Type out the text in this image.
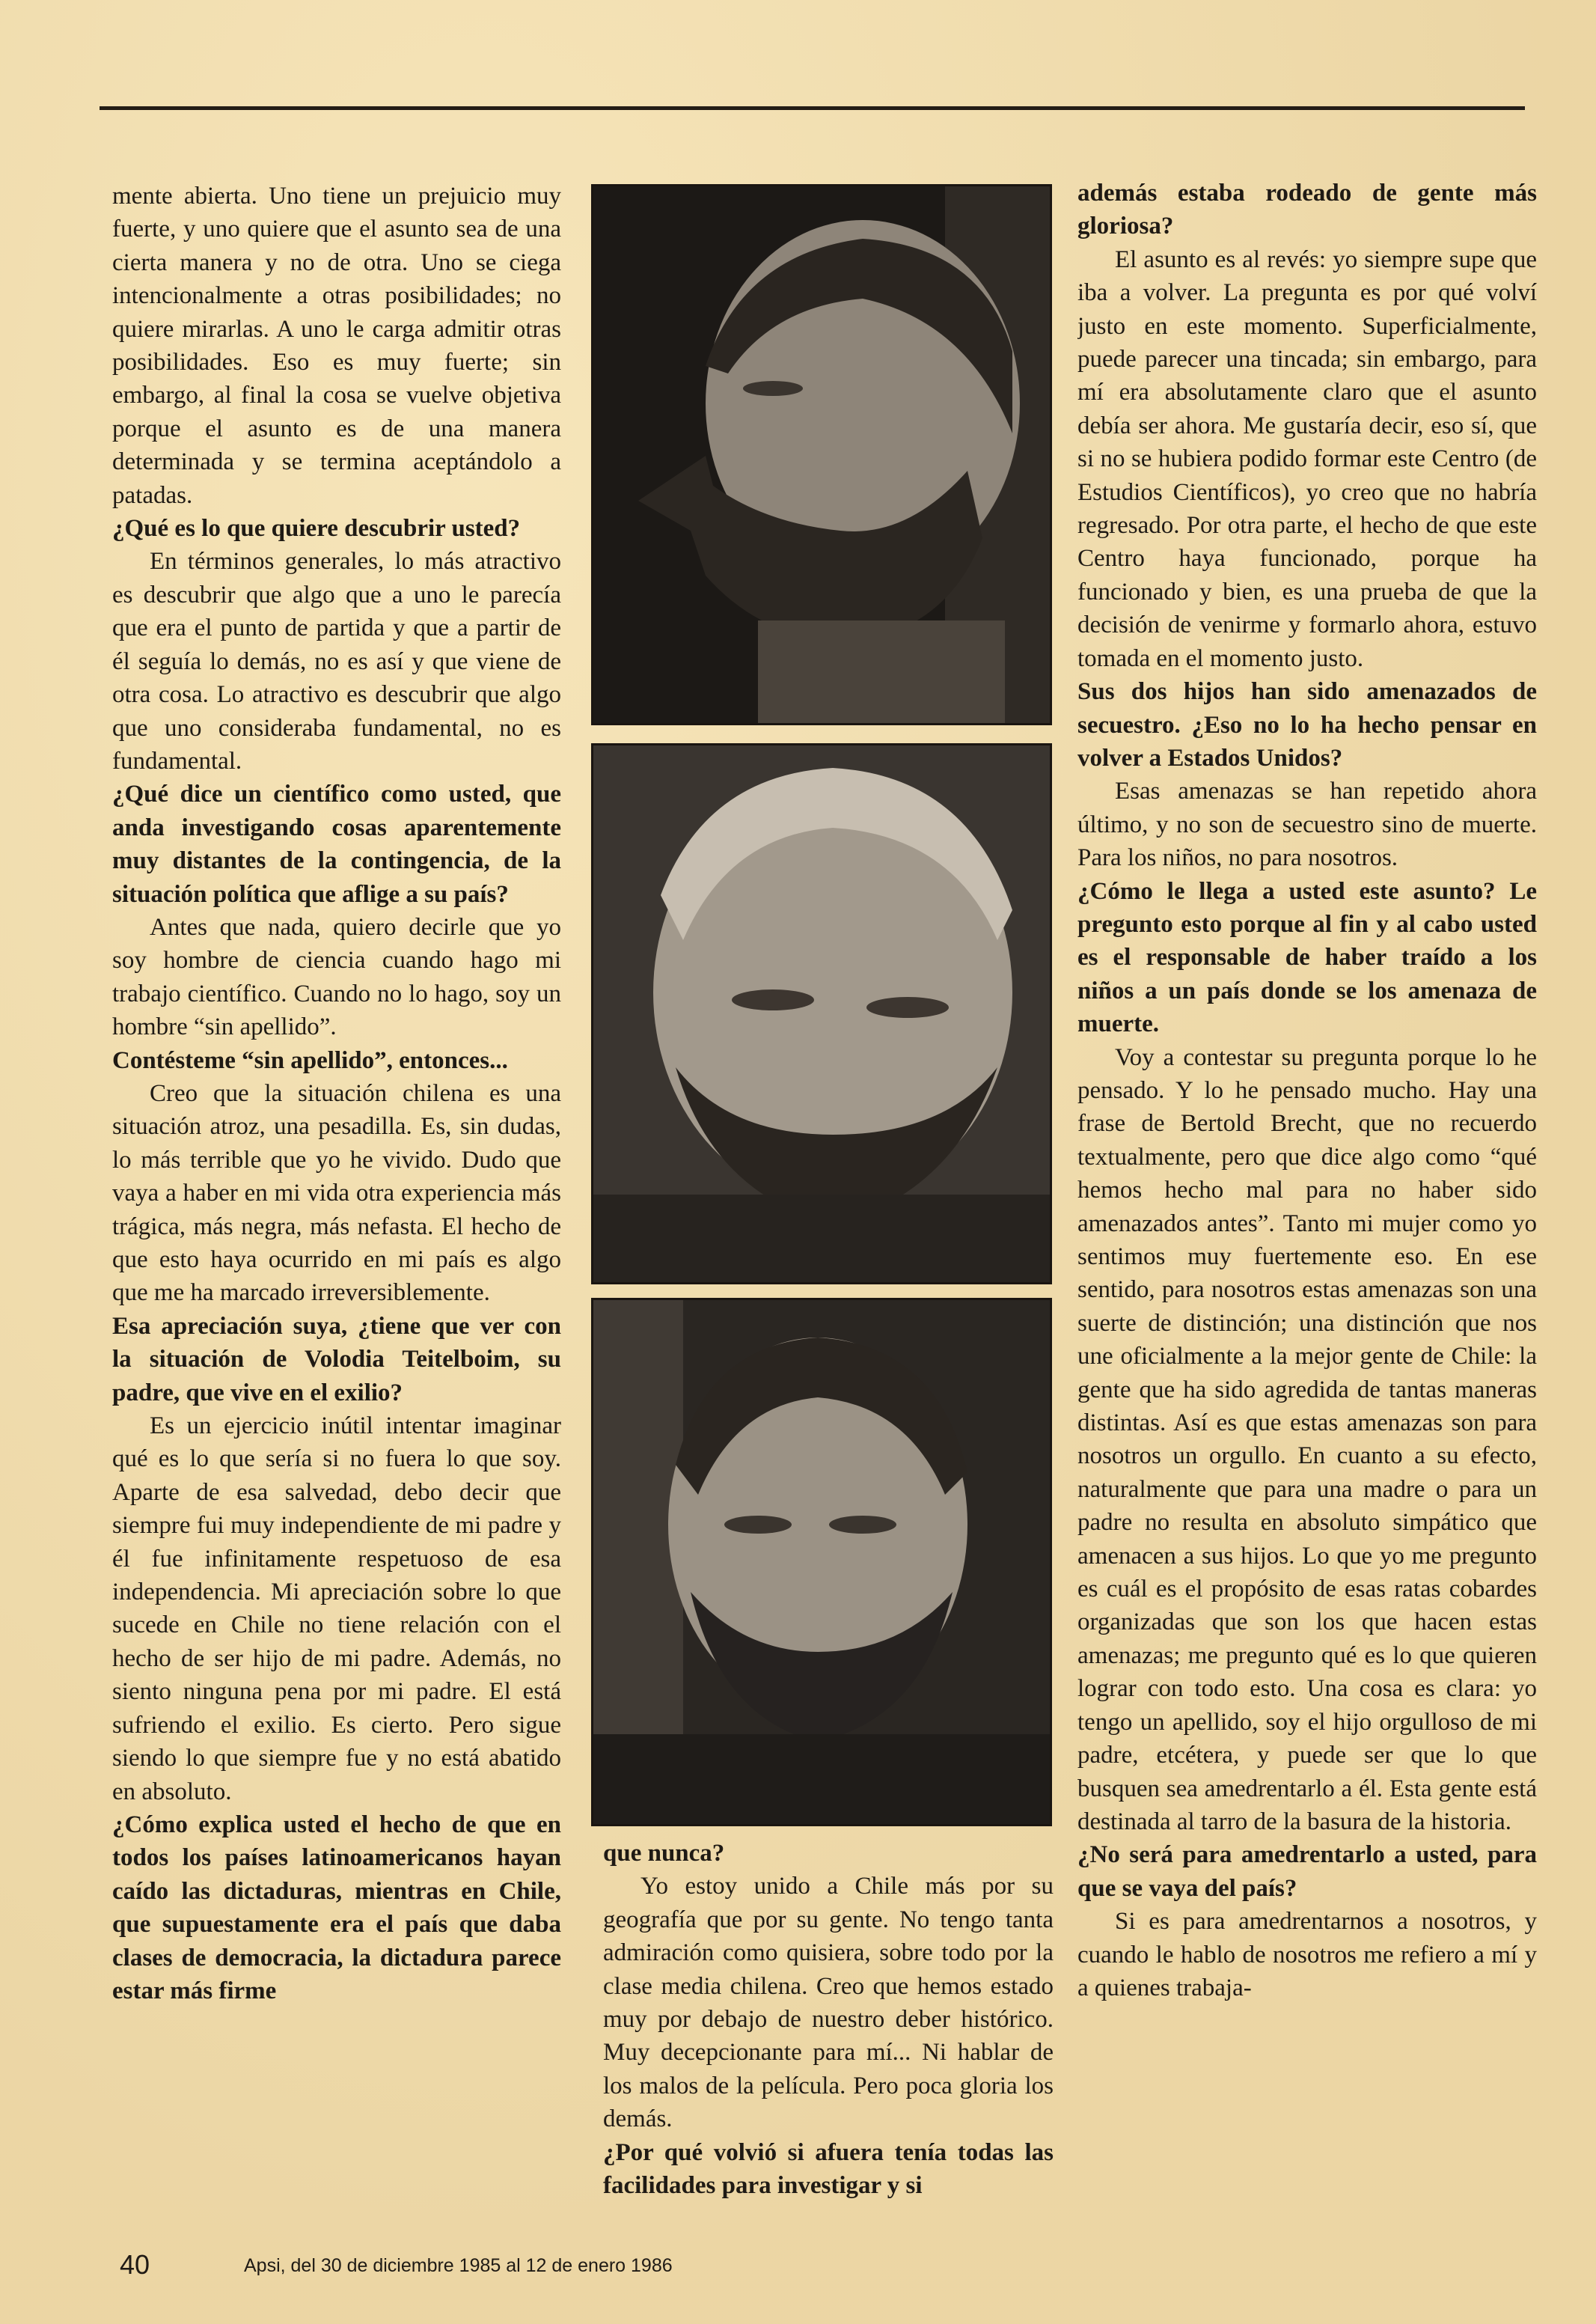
mente abierta. Uno tiene un prejuicio muy fuerte, y uno quiere que el asunto sea de una cierta manera y no de otra. Uno se ciega intencionalmente a otras posibilidades; no quiere mirarlas. A uno le carga admitir otras posibilidades. Eso es muy fuerte; sin embargo, al final la cosa se vuelve objetiva porque el asunto es de una manera determinada y se termina aceptándolo a patadas.

¿Qué es lo que quiere descubrir usted?

En términos generales, lo más atractivo es descubrir que algo que a uno le parecía que era el punto de partida y que a partir de él seguía lo demás, no es así y que viene de otra cosa. Lo atractivo es descubrir que algo que uno consideraba fundamental, no es fundamental.

¿Qué dice un científico como usted, que anda investigando cosas aparentemente muy distantes de la contingencia, de la situación política que aflige a su país?

Antes que nada, quiero decirle que yo soy hombre de ciencia cuando hago mi trabajo científico. Cuando no lo hago, soy un hombre “sin apellido”.

Contésteme “sin apellido”, entonces...

Creo que la situación chilena es una situación atroz, una pesadilla. Es, sin dudas, lo más terrible que yo he vivido. Dudo que vaya a haber en mi vida otra experiencia más trágica, más negra, más nefasta. El hecho de que esto haya ocurrido en mi país es algo que me ha marcado irreversiblemente.

Esa apreciación suya, ¿tiene que ver con la situación de Volodia Teitelboim, su padre, que vive en el exilio?

Es un ejercicio inútil intentar imaginar qué es lo que sería si no fuera lo que soy. Aparte de esa salvedad, debo decir que siempre fui muy independiente de mi padre y él fue infinitamente respetuoso de esa independencia. Mi apreciación sobre lo que sucede en Chile no tiene relación con el hecho de ser hijo de mi padre. Además, no siento ninguna pena por mi padre. El está sufriendo el exilio. Es cierto. Pero sigue siendo lo que siempre fue y no está abatido en absoluto.

¿Cómo explica usted el hecho de que en todos los países latinoamericanos hayan caído las dictaduras, mientras en Chile, que supuestamente era el país que daba clases de democracia, la dictadura parece estar más firme

que nunca?

Yo estoy unido a Chile más por su geografía que por su gente. No tengo tanta admiración como quisiera, sobre todo por la clase media chilena. Creo que hemos estado muy por debajo de nuestro deber histórico. Muy decepcionante para mí... Ni hablar de los malos de la película. Pero poca gloria los demás.

¿Por qué volvió si afuera tenía todas las facilidades para investigar y si

además estaba rodeado de gente más gloriosa?

El asunto es al revés: yo siempre supe que iba a volver. La pregunta es por qué volví justo en este momento. Superficialmente, puede parecer una tincada; sin embargo, para mí era absolutamente claro que el asunto debía ser ahora. Me gustaría decir, eso sí, que si no se hubiera podido formar este Centro (de Estudios Científicos), yo creo que no habría regresado. Por otra parte, el hecho de que este Centro haya funcionado, porque ha funcionado y bien, es una prueba de que la decisión de venirme y formarlo ahora, estuvo tomada en el momento justo.

Sus dos hijos han sido amenazados de secuestro. ¿Eso no lo ha hecho pensar en volver a Estados Unidos?

Esas amenazas se han repetido ahora último, y no son de secuestro sino de muerte. Para los niños, no para nosotros.

¿Cómo le llega a usted este asunto? Le pregunto esto porque al fin y al cabo usted es el responsable de haber traído a los niños a un país donde se los amenaza de muerte.

Voy a contestar su pregunta porque lo he pensado. Y lo he pensado mucho. Hay una frase de Bertold Brecht, que no recuerdo textualmente, pero que dice algo como “qué hemos hecho mal para no haber sido amenazados antes”. Tanto mi mujer como yo sentimos muy fuertemente eso. En ese sentido, para nosotros estas amenazas son una suerte de distinción; una distinción que nos une oficialmente a la mejor gente de Chile: la gente que ha sido agredida de tantas maneras distintas. Así es que estas amenazas son para nosotros un orgullo. En cuanto a su efecto, naturalmente que para una madre o para un padre no resulta en absoluto simpático que amenacen a sus hijos. Lo que yo me pregunto es cuál es el propósito de esas ratas cobardes organizadas que son los que hacen estas amenazas; me pregunto qué es lo que quieren lograr con todo esto. Una cosa es clara: yo tengo un apellido, soy el hijo orgulloso de mi padre, etcétera, y puede ser que lo que busquen sea amedrentarlo a él. Esta gente está destinada al tarro de la basura de la historia.

¿No será para amedrentarlo a usted, para que se vaya del país?

Si es para amedrentarnos a nosotros, y cuando le hablo de nosotros me refiero a mí y a quienes trabaja-

40	Apsi, del 30 de diciembre 1985 al 12 de enero 1986
